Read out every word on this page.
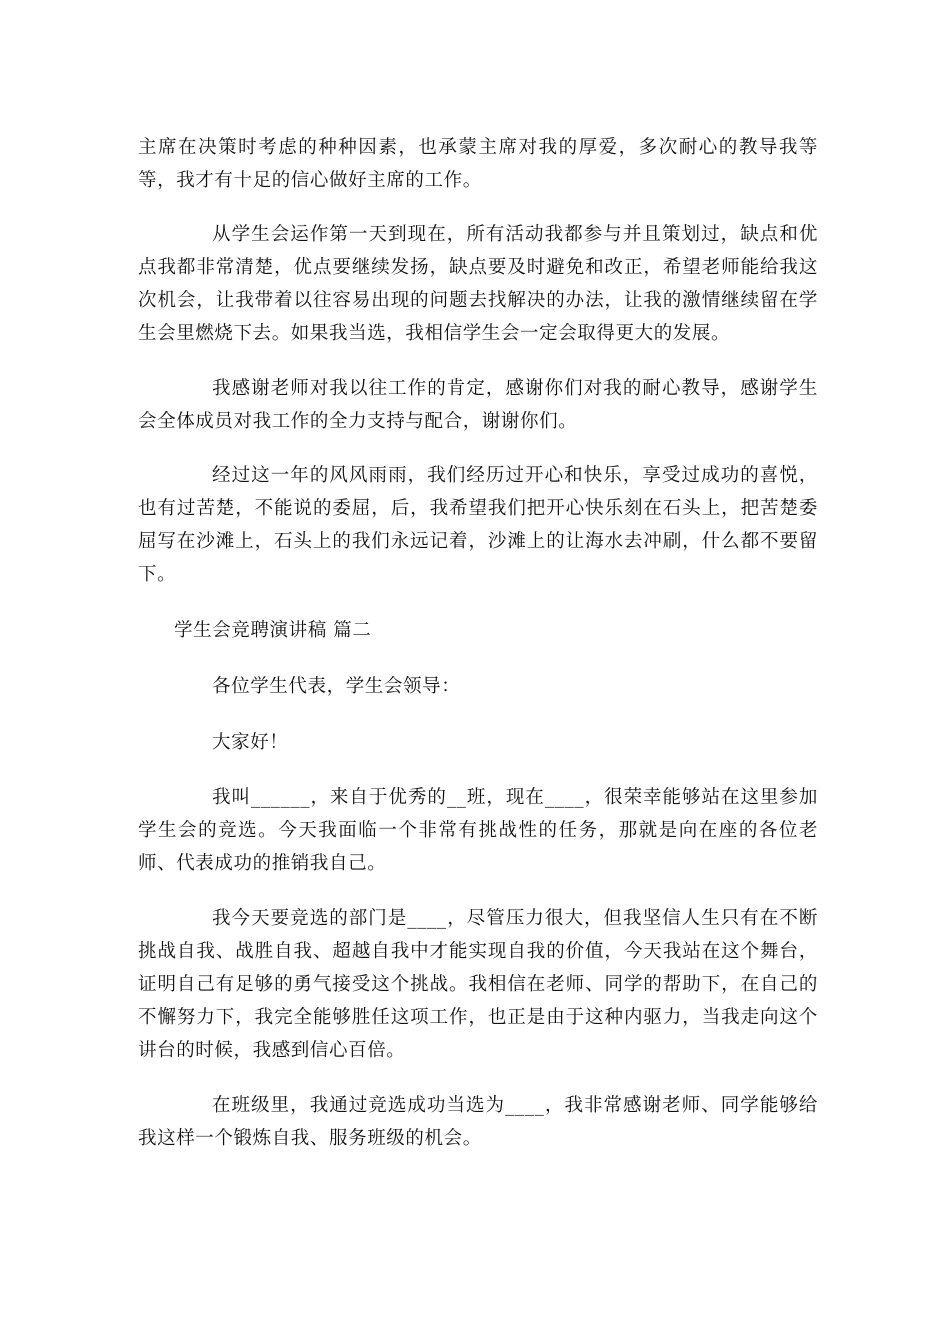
主席在决策时考虑的种种因素，也承蒙主席对我的厚爱，多次耐心的教导我等等，我才有十足的信心做好主席的工作。

从学生会运作第一天到现在，所有活动我都参与并且策划过，缺点和优点我都非常清楚，优点要继续发扬，缺点要及时避免和改正，希望老师能给我这次机会，让我带着以往容易出现的问题去找解决的办法，让我的激情继续留在学生会里燃烧下去。如果我当选，我相信学生会一定会取得更大的发展。

我感谢老师对我以往工作的肯定，感谢你们对我的耐心教导，感谢学生会全体成员对我工作的全力支持与配合，谢谢你们。

经过这一年的风风雨雨，我们经历过开心和快乐，享受过成功的喜悦，也有过苦楚，不能说的委屈，后，我希望我们把开心快乐刻在石头上，把苦楚委屈写在沙滩上，石头上的我们永远记着，沙滩上的让海水去冲刷，什么都不要留下。

学生会竞聘演讲稿 篇二

各位学生代表，学生会领导：

大家好！

我叫______，来自于优秀的__班，现在____，很荣幸能够站在这里参加学生会的竞选。今天我面临一个非常有挑战性的任务，那就是向在座的各位老师、代表成功的推销我自己。

我今天要竞选的部门是____，尽管压力很大，但我坚信人生只有在不断挑战自我、战胜自我、超越自我中才能实现自我的价值，今天我站在这个舞台，证明自己有足够的勇气接受这个挑战。我相信在老师、同学的帮助下，在自己的不懈努力下，我完全能够胜任这项工作，也正是由于这种内驱力，当我走向这个讲台的时候，我感到信心百倍。

在班级里，我通过竞选成功当选为____，我非常感谢老师、同学能够给我这样一个锻炼自我、服务班级的机会。
